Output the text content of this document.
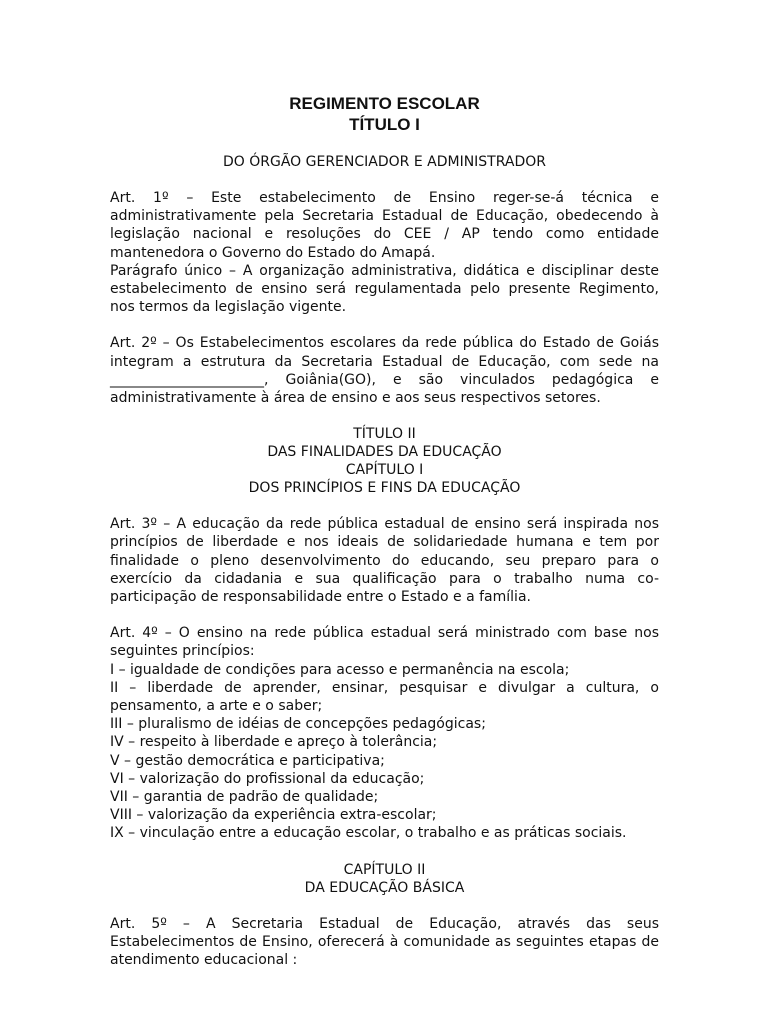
REGIMENTO ESCOLAR

TÍTULO I

DO ÓRGÃO GERENCIADOR E ADMINISTRADOR

Art. 1º – Este estabelecimento de Ensino reger-se-á técnica e administrativamente pela Secretaria Estadual de Educação, obedecendo à legislação nacional e resoluções do CEE / AP tendo como entidade mantenedora o Governo do Estado do Amapá.

Parágrafo único – A organização administrativa, didática e disciplinar deste estabelecimento de ensino será regulamentada pelo presente Regimento, nos termos da legislação vigente.

Art. 2º – Os Estabelecimentos escolares da rede pública do Estado de Goiás integram a estrutura da Secretaria Estadual de Educação, com sede na ______________________, Goiânia(GO), e são vinculados pedagógica e administrativamente à área de ensino e aos seus respectivos setores.

TÍTULO II

DAS FINALIDADES DA EDUCAÇÃO

CAPÍTULO I

DOS PRINCÍPIOS E FINS DA EDUCAÇÃO

Art. 3º – A educação da rede pública estadual de ensino será inspirada nos princípios de liberdade e nos ideais de solidariedade humana e tem por finalidade o pleno desenvolvimento do educando, seu preparo para o exercício da cidadania e sua qualificação para o trabalho numa co-participação de responsabilidade entre o Estado e a família.

Art. 4º – O ensino na rede pública estadual será ministrado com base nos seguintes princípios:

I – igualdade de condições para acesso e permanência na escola;

II – liberdade de aprender, ensinar, pesquisar e divulgar a cultura, o pensamento, a arte e o saber;

III – pluralismo de idéias de concepções pedagógicas;

IV – respeito à liberdade e apreço à tolerância;

V – gestão democrática e participativa;

VI – valorização do profissional da educação;

VII – garantia de padrão de qualidade;

VIII – valorização da experiência extra-escolar;

IX – vinculação entre a educação escolar, o trabalho e as práticas sociais.

CAPÍTULO II

DA EDUCAÇÃO BÁSICA

Art. 5º – A Secretaria Estadual de Educação, através das seus Estabelecimentos de Ensino, oferecerá à comunidade as seguintes etapas de atendimento educacional :
